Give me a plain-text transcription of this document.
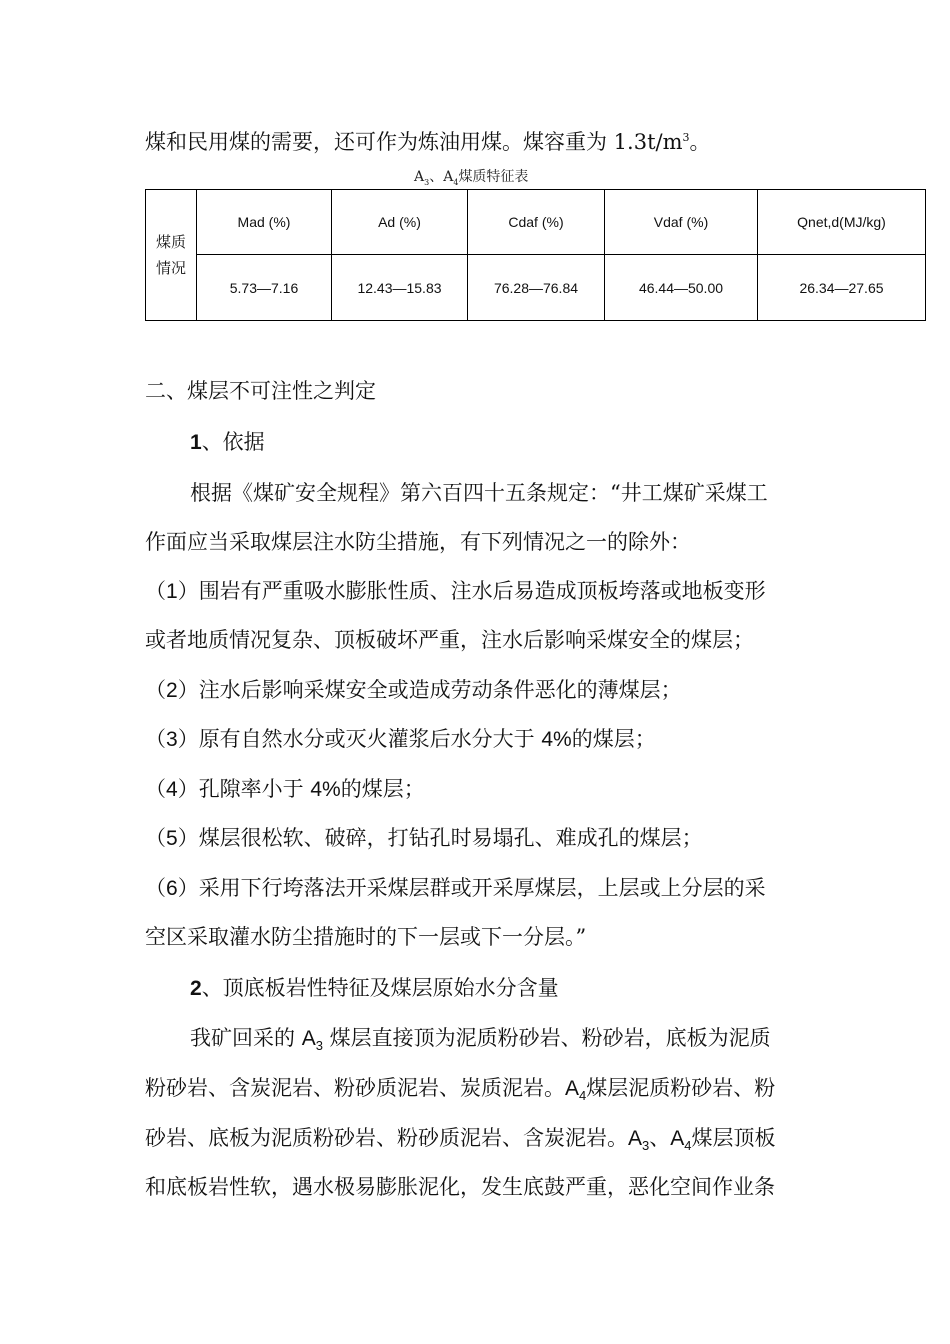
煤和民用煤的需要，还可作为炼油用煤。煤容重为 $1.3t/m^3$。
$A_3$、$A_4$煤质特征表
煤质情况	Mad (%)	Ad (%)	Cdaf (%)	Vdaf (%)	Qnet,d(MJ/kg)
	5.73—7.16	12.43—15.83	76.28—76.84	46.44—50.00	26.34—27.65
二、煤层不可注性之判定
1、依据
根据《煤矿安全规程》第六百四十五条规定：“井工煤矿采煤工
作面应当采取煤层注水防尘措施，有下列情况之一的除外：
（1）围岩有严重吸水膨胀性质、注水后易造成顶板垮落或地板变形
或者地质情况复杂、顶板破坏严重，注水后影响采煤安全的煤层；
（2）注水后影响采煤安全或造成劳动条件恶化的薄煤层；
（3）原有自然水分或灭火灌浆后水分大于 4%的煤层；
（4）孔隙率小于 4%的煤层；
（5）煤层很松软、破碎，打钻孔时易塌孔、难成孔的煤层；
（6）采用下行垮落法开采煤层群或开采厚煤层，上层或上分层的采
空区采取灌水防尘措施时的下一层或下一分层。”
2、顶底板岩性特征及煤层原始水分含量
我矿回采的 $A_3$ 煤层直接顶为泥质粉砂岩、粉砂岩，底板为泥质
粉砂岩、含炭泥岩、粉砂质泥岩、炭质泥岩。$A_4$煤层泥质粉砂岩、粉
砂岩、底板为泥质粉砂岩、粉砂质泥岩、含炭泥岩。$A_3$、$A_4$煤层顶板
和底板岩性软，遇水极易膨胀泥化，发生底鼓严重，恶化空间作业条
